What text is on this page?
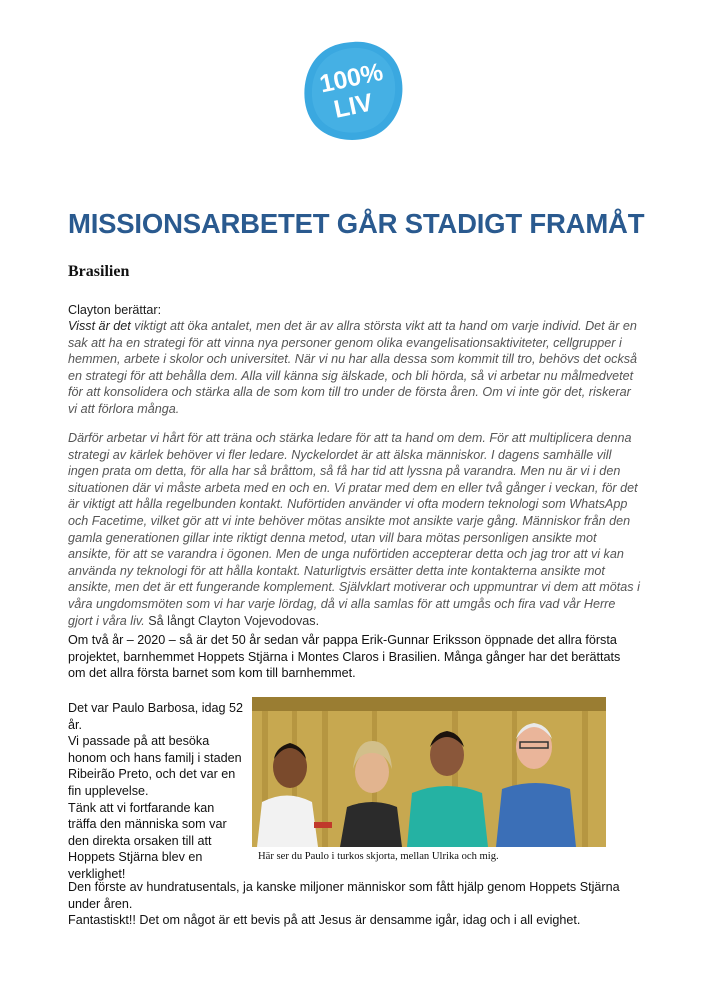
100%
LIV
MISSIONSARBETET GÅR STADIGT FRAMÅT
Brasilien
Clayton berättar:
Visst är det viktigt att öka antalet, men det är av allra största vikt att ta hand om varje individ. Det är en sak att ha en strategi för att vinna nya personer genom olika evangelisationsaktiviteter, cellgrupper i hemmen, arbete i skolor och universitet. När vi nu har alla dessa som kommit till tro, behövs det också en strategi för att behålla dem. Alla vill känna sig älskade, och bli hörda, så vi arbetar nu målmedvetet för att konsolidera och stärka alla de som kom till tro under de första åren. Om vi inte gör det, riskerar vi att förlora många.
Därför arbetar vi hårt för att träna och stärka ledare för att ta hand om dem. För att multiplicera denna strategi av kärlek behöver vi fler ledare. Nyckelordet är att älska människor. I dagens samhälle vill ingen prata om detta, för alla har så bråttom, så få har tid att lyssna på varandra. Men nu är vi i den situationen där vi måste arbeta med en och en. Vi pratar med dem en eller två gånger i veckan, för det är viktigt att hålla regelbunden kontakt. Nuförtiden använder vi ofta modern teknologi som WhatsApp och Facetime, vilket gör att vi inte behöver mötas ansikte mot ansikte varje gång. Människor från den gamla generationen gillar inte riktigt denna metod, utan vill bara mötas personligen ansikte mot ansikte, för att se varandra i ögonen. Men de unga nuförtiden accepterar detta och jag tror att vi kan använda ny teknologi för att hålla kontakt. Naturligtvis ersätter detta inte kontakterna ansikte mot ansikte, men det är ett fungerande komplement. Självklart motiverar och uppmuntrar vi dem att mötas i våra ungdomsmöten som vi har varje lördag, då vi alla samlas för att umgås och fira vad vår Herre gjort i våra liv. Så långt Clayton Vojevodovas.
Om två år – 2020 – så är det 50 år sedan vår pappa Erik-Gunnar Eriksson öppnade det allra första projektet, barnhemmet Hoppets Stjärna i Montes Claros i Brasilien. Många gånger har det berättats om det allra första barnet som kom till barnhemmet.
Det var Paulo Barbosa, idag 52 år.
Vi passade på att besöka honom och hans familj i staden Ribeirão Preto, och det var en fin upplevelse.
Tänk att vi fortfarande kan träffa den människa som var den direkta orsaken till att Hoppets Stjärna blev en verklighet!
Här ser du Paulo i turkos skjorta, mellan Ulrika och mig.
Den förste av hundratusentals, ja kanske miljoner människor som fått hjälp genom Hoppets Stjärna under åren.
Fantastiskt!! Det om något är ett bevis på att Jesus är densamme igår, idag och i all evighet.
